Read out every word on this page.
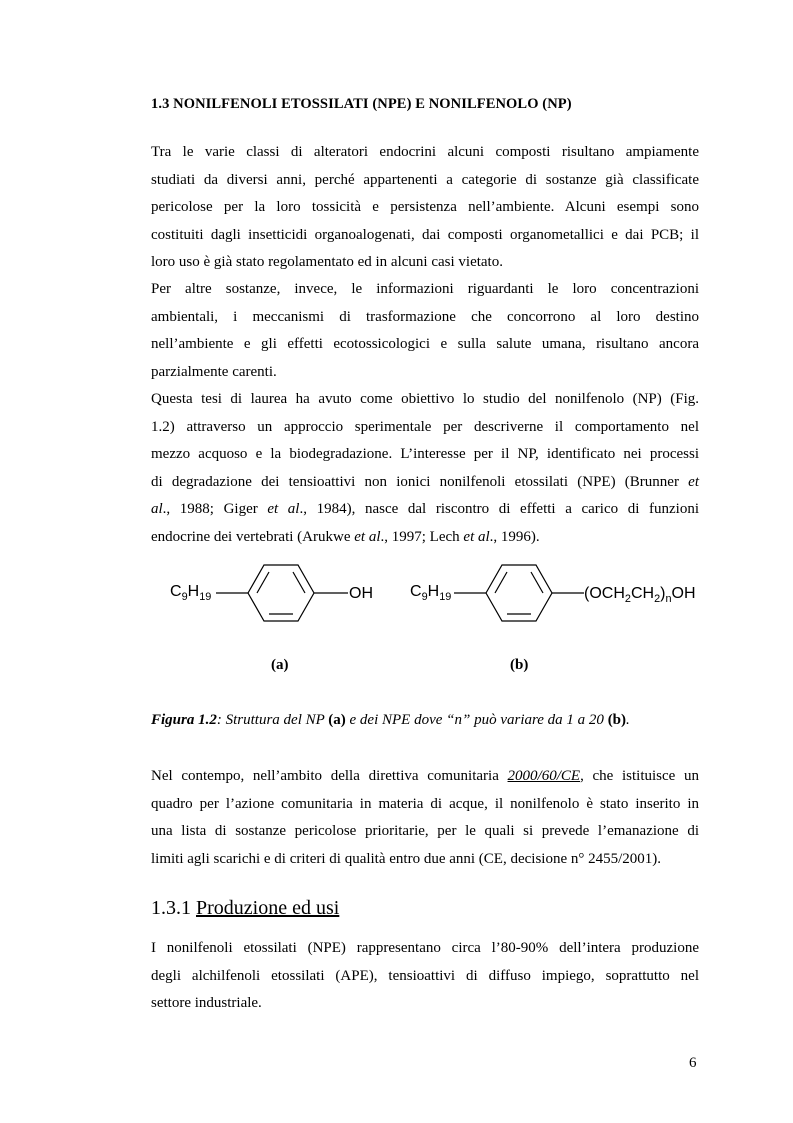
1.3 NONILFENOLI ETOSSILATI (NPE) E NONILFENOLO (NP)
Tra le varie classi di alteratori endocrini alcuni composti risultano ampiamente
studiati da diversi anni, perché appartenenti a categorie di sostanze già classificate
pericolose per la loro tossicità e persistenza nell’ambiente. Alcuni esempi sono
costituiti dagli insetticidi organoalogenati, dai composti organometallici e dai PCB; il
loro uso è già stato regolamentato ed in alcuni casi vietato.
Per altre sostanze, invece, le informazioni riguardanti le loro concentrazioni
ambientali, i meccanismi di trasformazione che concorrono al loro destino
nell’ambiente e gli effetti ecotossicologici e sulla salute umana, risultano ancora
parzialmente carenti.
Questa tesi di laurea ha avuto come obiettivo lo studio del nonilfenolo (NP) (Fig.
1.2) attraverso un approccio sperimentale per descriverne il comportamento nel
mezzo acquoso e la biodegradazione. L’interesse per il NP, identificato nei processi
di degradazione dei tensioattivi non ionici nonilfenoli etossilati (NPE) (Brunner et
al., 1988; Giger et al., 1984), nasce dal riscontro di effetti a carico di funzioni
endocrine dei vertebrati (Arukwe et al., 1997; Lech et al., 1996).
$C_9H_{19}$	OH $C_9H_{19}$	$(OCH_2CH_2)_nOH$
(a)	(b)
Figura 1.2: Struttura del NP (a) e dei NPE dove “n” può variare da 1 a 20 (b).
Nel contempo, nell’ambito della direttiva comunitaria 2000/60/CE, che istituisce un
quadro per l’azione comunitaria in materia di acque, il nonilfenolo è stato inserito in
una lista di sostanze pericolose prioritarie, per le quali si prevede l’emanazione di
limiti agli scarichi e di criteri di qualità entro due anni (CE, decisione n° 2455/2001).
1.3.1 Produzione ed usi
I nonilfenoli etossilati (NPE) rappresentano circa l’80-90% dell’intera produzione
degli alchilfenoli etossilati (APE), tensioattivi di diffuso impiego, soprattutto nel
settore industriale.
6
